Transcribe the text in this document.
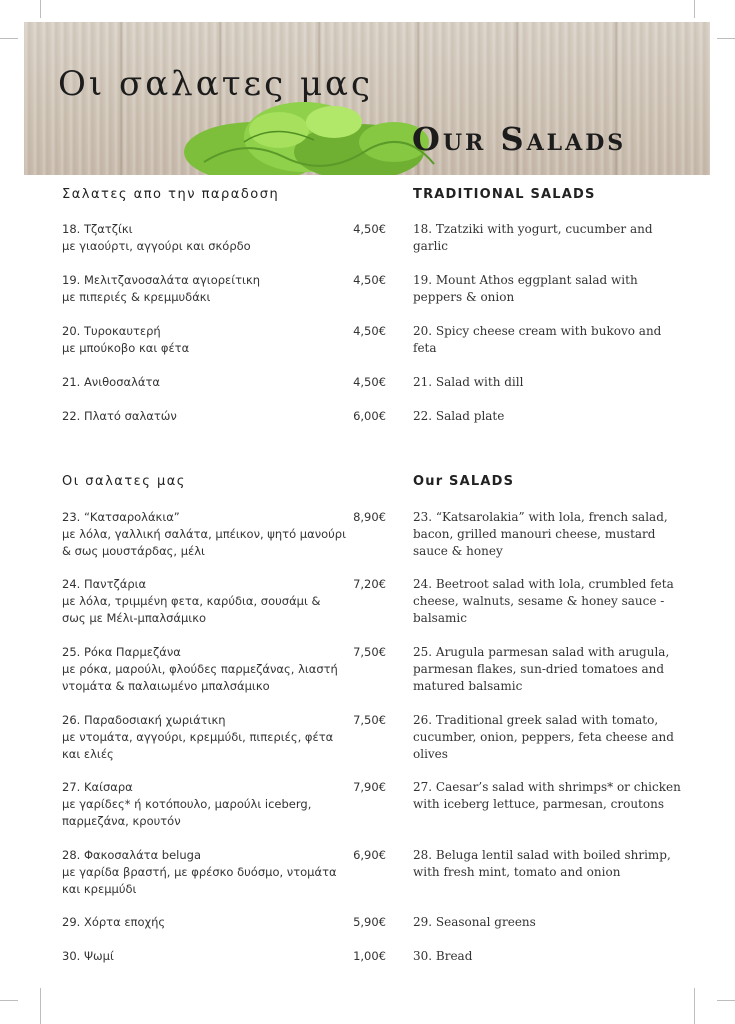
Οι σαλατες μας
Our Salads
Σαλατες απο την παραδοση	TRADITIONAL SALADS
18. Τζατζίκι
με γιαούρτι, αγγούρι και σκόρδο
4,50€ 18. Tzatziki with yogurt, cucumber and garlic
19. Μελιτζανοσαλάτα αγιορείτικη
με πιπεριές & κρεμμυδάκι
4,50€ 19. Mount Athos eggplant salad with peppers & onion
20. Τυροκαυτερή
με μπούκοβο και φέτα
4,50€ 20. Spicy cheese cream with bukovo and feta
21. Ανιθοσαλάτα	4,50€ 21. Salad with dill
22. Πλατό σαλατών	6,00€ 22. Salad plate
Οι σαλατες μας	Our SALADS
23. “Κατσαρολάκια”
με λόλα, γαλλική σαλάτα, μπέικον, ψητό μανούρι & σως μουστάρδας, μέλι
8,90€ 23. “Katsarolakia” with lola, french salad, bacon, grilled manouri cheese, mustard sauce & honey
24. Παντζάρια
με λόλα, τριμμένη φετα, καρύδια, σουσάμι & σως με Μέλι-μπαλσάμικο
7,20€ 24. Beetroot salad with lola, crumbled feta cheese, walnuts, sesame & honey sauce - balsamic
25. Ρόκα Παρμεζάνα
με ρόκα, μαρούλι, φλούδες παρμεζάνας, λιαστή ντομάτα & παλαιωμένο μπαλσάμικο
7,50€ 25. Arugula parmesan salad with arugula, parmesan flakes, sun-dried tomatoes and matured balsamic
26. Παραδοσιακή χωριάτικη
με ντομάτα, αγγούρι, κρεμμύδι, πιπεριές, φέτα και ελιές
7,50€ 26. Traditional greek salad with tomato, cucumber, onion, peppers, feta cheese and olives
27. Καίσαρα
με γαρίδες* ή κοτόπουλο, μαρούλι iceberg, παρμεζάνα, κρουτόν
7,90€ 27. Caesar’s salad with shrimps* or chicken with iceberg lettuce, parmesan, croutons
28. Φακοσαλάτα beluga
με γαρίδα βραστή, με φρέσκο δυόσμο, ντομάτα και κρεμμύδι
6,90€ 28. Beluga lentil salad with boiled shrimp, with fresh mint, tomato and onion
29. Χόρτα εποχής	5,90€ 29. Seasonal greens
30. Ψωμί	1,00€ 30. Bread
